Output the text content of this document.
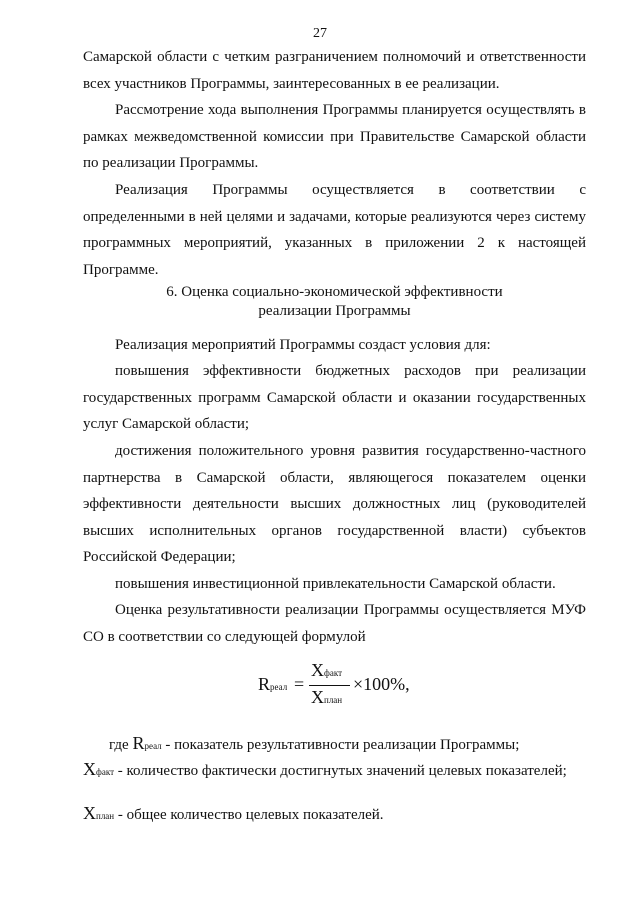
27

Самарской области с четким разграничением полномочий и ответственности всех участников Программы, заинтересованных в ее реализации.

Рассмотрение хода выполнения Программы планируется осуществлять в рамках межведомственной комиссии при Правительстве Самарской области по реализации Программы.

Реализация Программы осуществляется в соответствии с определенными в ней целями и задачами, которые реализуются через систему программных мероприятий, указанных в приложении 2 к настоящей Программе.

6. Оценка социально-экономической эффективности
реализации Программы

Реализация мероприятий Программы создаст условия для:

повышения эффективности бюджетных расходов при реализации государственных программ Самарской области и оказании государственных услуг Самарской области;

достижения положительного уровня развития государственно-частного партнерства в Самарской области, являющегося показателем оценки эффективности деятельности высших должностных лиц (руководителей высших исполнительных органов государственной власти) субъектов Российской Федерации;

повышения инвестиционной привлекательности Самарской области.

Оценка результативности реализации Программы осуществляется МУФ СО в соответствии со следующей формулой

Rреал =
Xфакт
Xплан
×100%,
где Rреал - показатель результативности реализации Программы;
Xфакт - количество фактически достигнутых значений целевых показателей;
Xплан - общее количество целевых показателей.
